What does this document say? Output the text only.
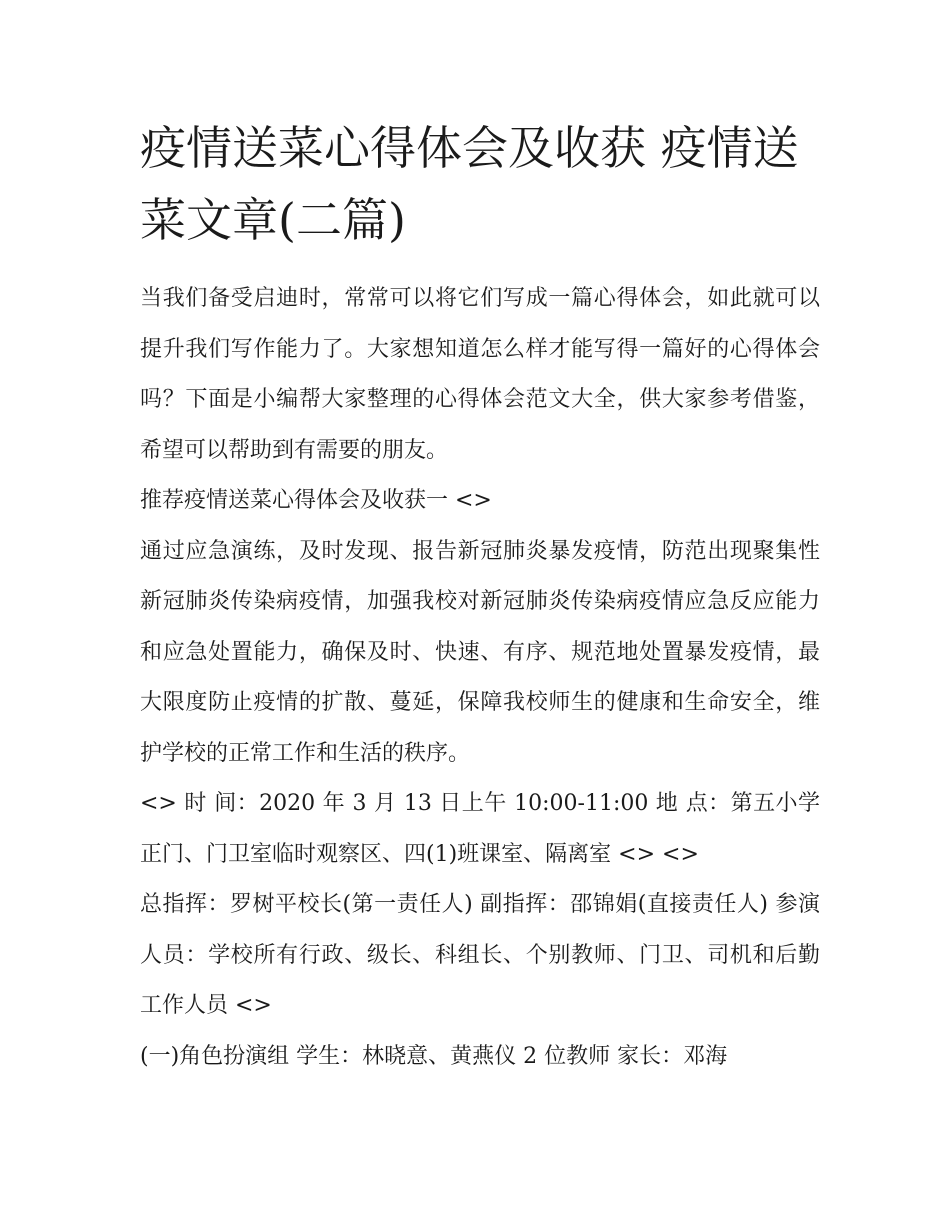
疫情送菜心得体会及收获 疫情送菜文章(二篇)

当我们备受启迪时，常常可以将它们写成一篇心得体会，如此就可以提升我们写作能力了。大家想知道怎么样才能写得一篇好的心得体会吗？下面是小编帮大家整理的心得体会范文大全，供大家参考借鉴，希望可以帮助到有需要的朋友。

推荐疫情送菜心得体会及收获一 <>

通过应急演练，及时发现、报告新冠肺炎暴发疫情，防范出现聚集性新冠肺炎传染病疫情，加强我校对新冠肺炎传染病疫情应急反应能力和应急处置能力，确保及时、快速、有序、规范地处置暴发疫情，最大限度防止疫情的扩散、蔓延，保障我校师生的健康和生命安全，维护学校的正常工作和生活的秩序。

<> 时 间：2020 年 3 月 13 日上午 10:00-11:00 地 点：第五小学正门、门卫室临时观察区、四(1)班课室、隔离室 <> <>

总指挥：罗树平校长(第一责任人) 副指挥：邵锦娟(直接责任人) 参演人员：学校所有行政、级长、科组长、个别教师、门卫、司机和后勤工作人员 <>

(一)角色扮演组 学生：林晓意、黄燕仪 2 位教师 家长：邓海
